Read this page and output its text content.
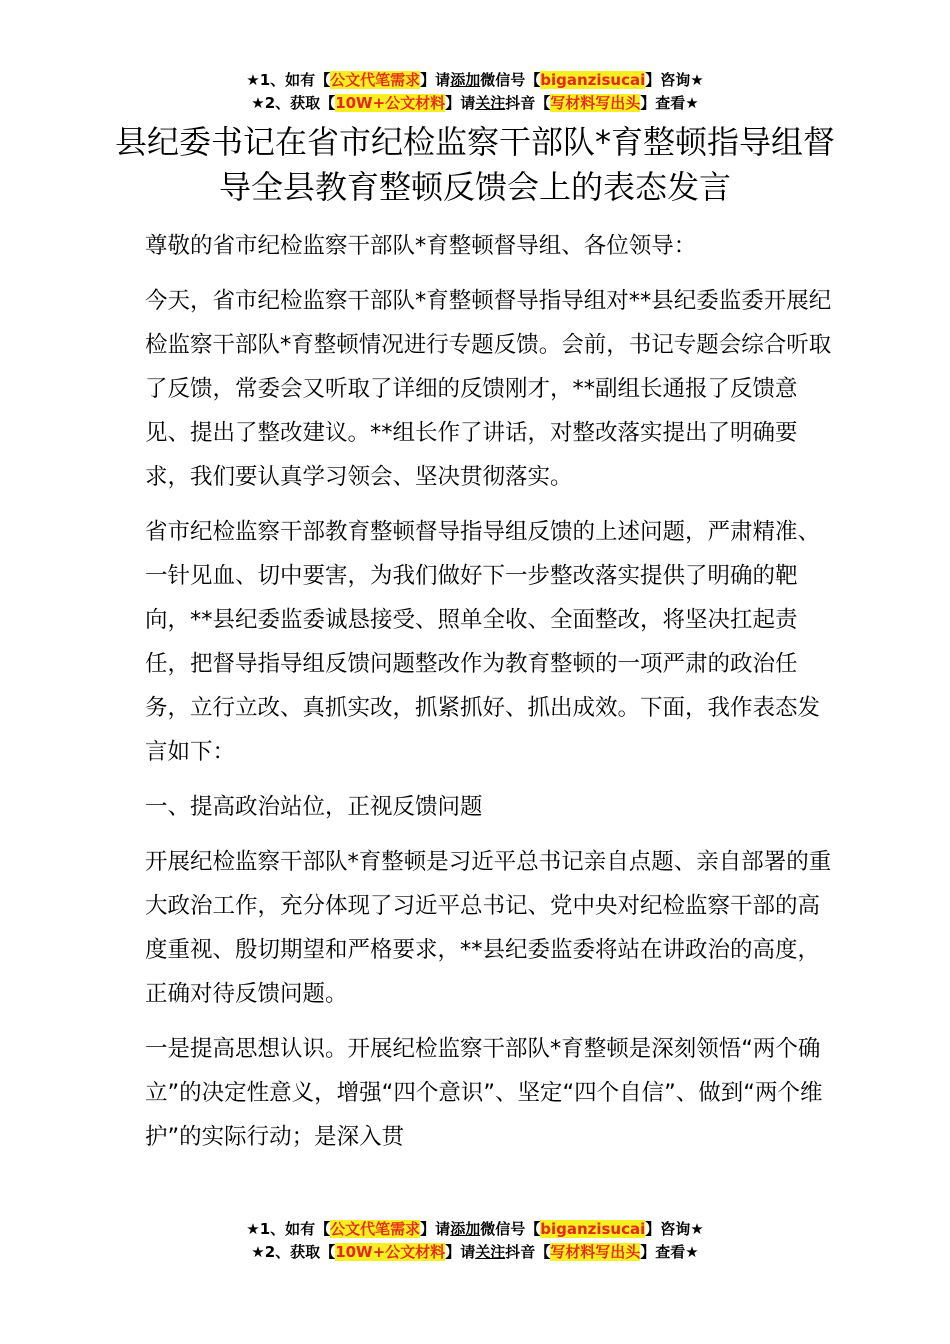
★1、如有【公文代笔需求】请添加微信号【biganzisucai】咨询★
★2、获取【10W+公文材料】请关注抖音【写材料写出头】查看★
县纪委书记在省市纪检监察干部队*育整顿指导组督导全县教育整顿反馈会上的表态发言

尊敬的省市纪检监察干部队*育整顿督导组、各位领导：

今天，省市纪检监察干部队*育整顿督导指导组对**县纪委监委开展纪检监察干部队*育整顿情况进行专题反馈。会前，书记专题会综合听取了反馈，常委会又听取了详细的反馈刚才，**副组长通报了反馈意见、提出了整改建议。**组长作了讲话，对整改落实提出了明确要求，我们要认真学习领会、坚决贯彻落实。

省市纪检监察干部教育整顿督导指导组反馈的上述问题，严肃精准、一针见血、切中要害，为我们做好下一步整改落实提供了明确的靶向，**县纪委监委诚恳接受、照单全收、全面整改，将坚决扛起责任，把督导指导组反馈问题整改作为教育整顿的一项严肃的政治任务，立行立改、真抓实改，抓紧抓好、抓出成效。下面，我作表态发言如下：

一、提高政治站位，正视反馈问题

开展纪检监察干部队*育整顿是习近平总书记亲自点题、亲自部署的重大政治工作，充分体现了习近平总书记、党中央对纪检监察干部的高度重视、殷切期望和严格要求，**县纪委监委将站在讲政治的高度，正确对待反馈问题。

一是提高思想认识。开展纪检监察干部队*育整顿是深刻领悟“两个确立”的决定性意义，增强“四个意识”、坚定“四个自信”、做到“两个维护”的实际行动；是深入贯

★1、如有【公文代笔需求】请添加微信号【biganzisucai】咨询★
★2、获取【10W+公文材料】请关注抖音【写材料写出头】查看★
